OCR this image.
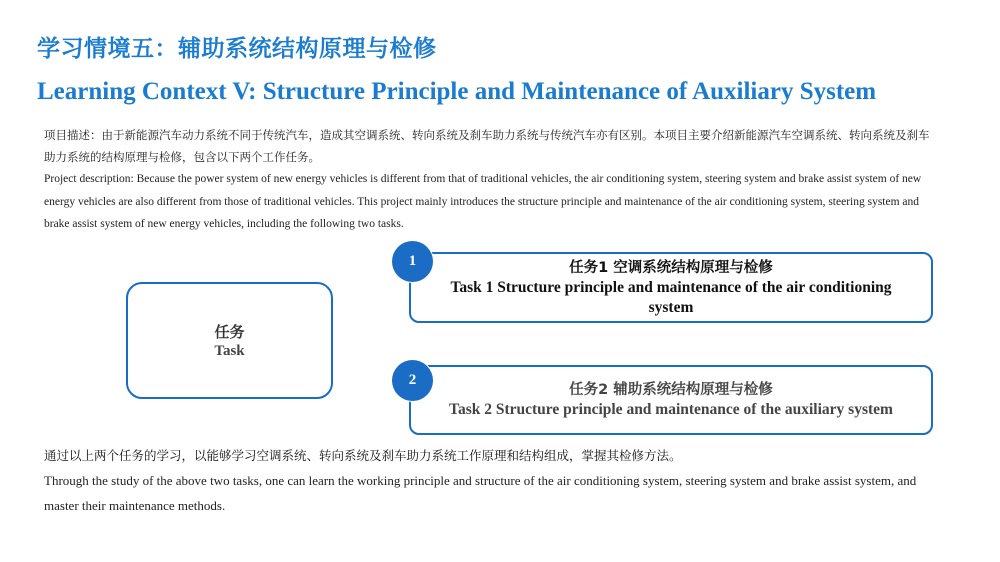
学习情境五：辅助系统结构原理与检修
Learning Context V: Structure Principle and Maintenance of Auxiliary System
项目描述：由于新能源汽车动力系统不同于传统汽车，造成其空调系统、转向系统及刹车助力系统与传统汽车亦有区别。本项目主要介绍新能源汽车空调系统、转向系统及刹车助力系统的结构原理与检修，包含以下两个工作任务。
Project description: Because the power system of new energy vehicles is different from that of traditional vehicles, the air conditioning system, steering system and brake assist system of new energy vehicles are also different from those of traditional vehicles. This project mainly introduces the structure principle and maintenance of the air conditioning system, steering system and brake assist system of new energy vehicles, including the following two tasks.
任务
Task
任务1 空调系统结构原理与检修
Task 1 Structure principle and maintenance of the air conditioning system
1
任务2 辅助系统结构原理与检修
Task 2 Structure principle and maintenance of the auxiliary system
2
通过以上两个任务的学习，以能够学习空调系统、转向系统及刹车助力系统工作原理和结构组成，掌握其检修方法。
Through the study of the above two tasks, one can learn the working principle and structure of the air conditioning system, steering system and brake assist system, and master their maintenance methods.
